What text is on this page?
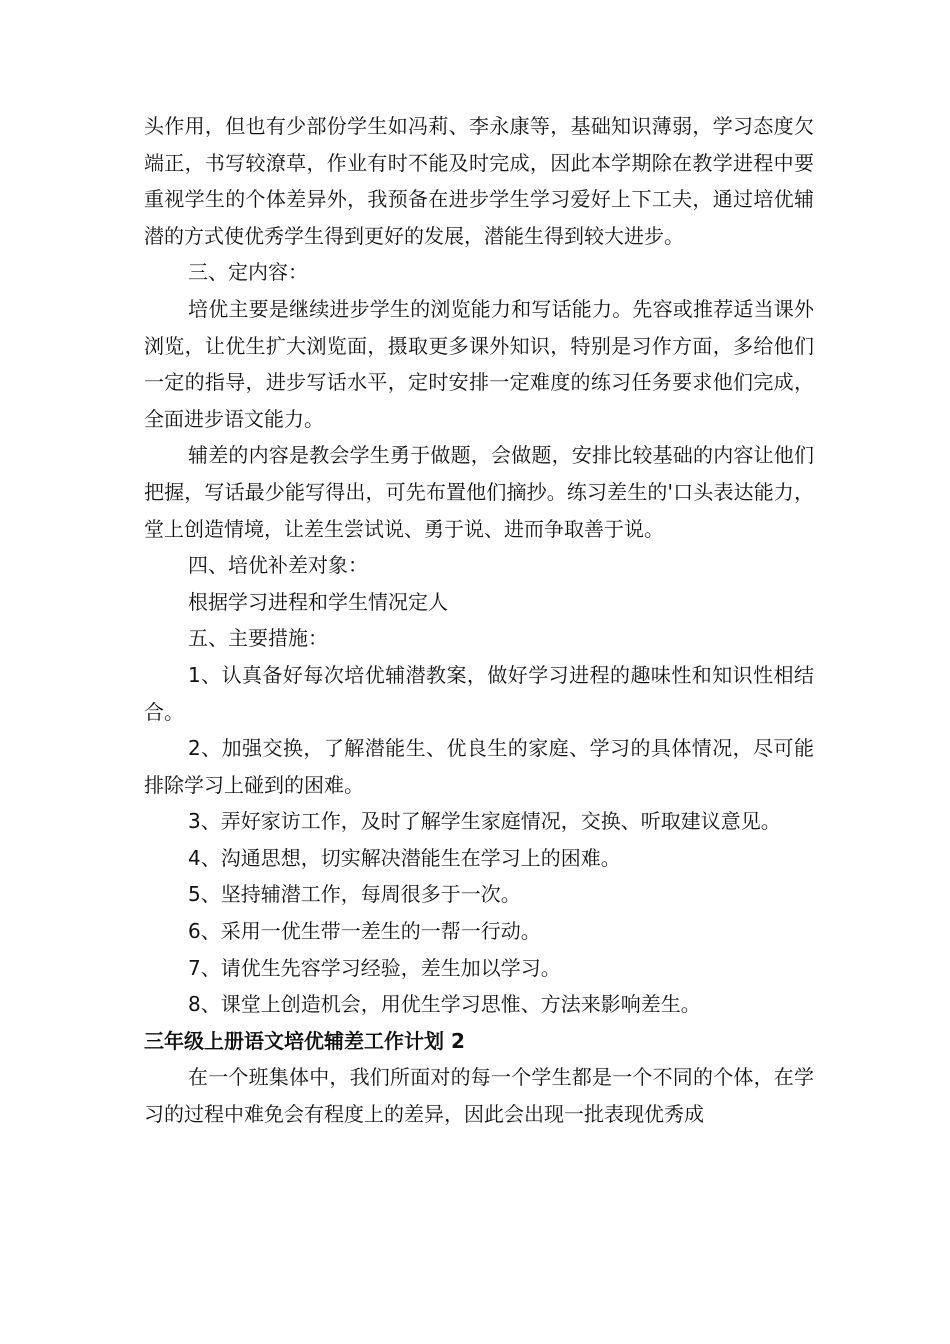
头作用，但也有少部份学生如冯莉、李永康等，基础知识薄弱，学习态度欠端正，书写较潦草，作业有时不能及时完成，因此本学期除在教学进程中要重视学生的个体差异外，我预备在进步学生学习爱好上下工夫，通过培优辅潜的方式使优秀学生得到更好的发展，潜能生得到较大进步。

三、定内容：

培优主要是继续进步学生的浏览能力和写话能力。先容或推荐适当课外浏览，让优生扩大浏览面，摄取更多课外知识，特别是习作方面，多给他们一定的指导，进步写话水平，定时安排一定难度的练习任务要求他们完成，全面进步语文能力。

辅差的内容是教会学生勇于做题，会做题，安排比较基础的内容让他们把握，写话最少能写得出，可先布置他们摘抄。练习差生的'口头表达能力，堂上创造情境，让差生尝试说、勇于说、进而争取善于说。

四、培优补差对象：

根据学习进程和学生情况定人

五、主要措施：

1、认真备好每次培优辅潜教案，做好学习进程的趣味性和知识性相结合。

2、加强交换，了解潜能生、优良生的家庭、学习的具体情况，尽可能排除学习上碰到的困难。

3、弄好家访工作，及时了解学生家庭情况，交换、听取建议意见。

4、沟通思想，切实解决潜能生在学习上的困难。

5、坚持辅潜工作，每周很多于一次。

6、采用一优生带一差生的一帮一行动。

7、请优生先容学习经验，差生加以学习。

8、课堂上创造机会，用优生学习思惟、方法来影响差生。

三年级上册语文培优辅差工作计划 2

在一个班集体中，我们所面对的每一个学生都是一个不同的个体，在学习的过程中难免会有程度上的差异，因此会出现一批表现优秀成
